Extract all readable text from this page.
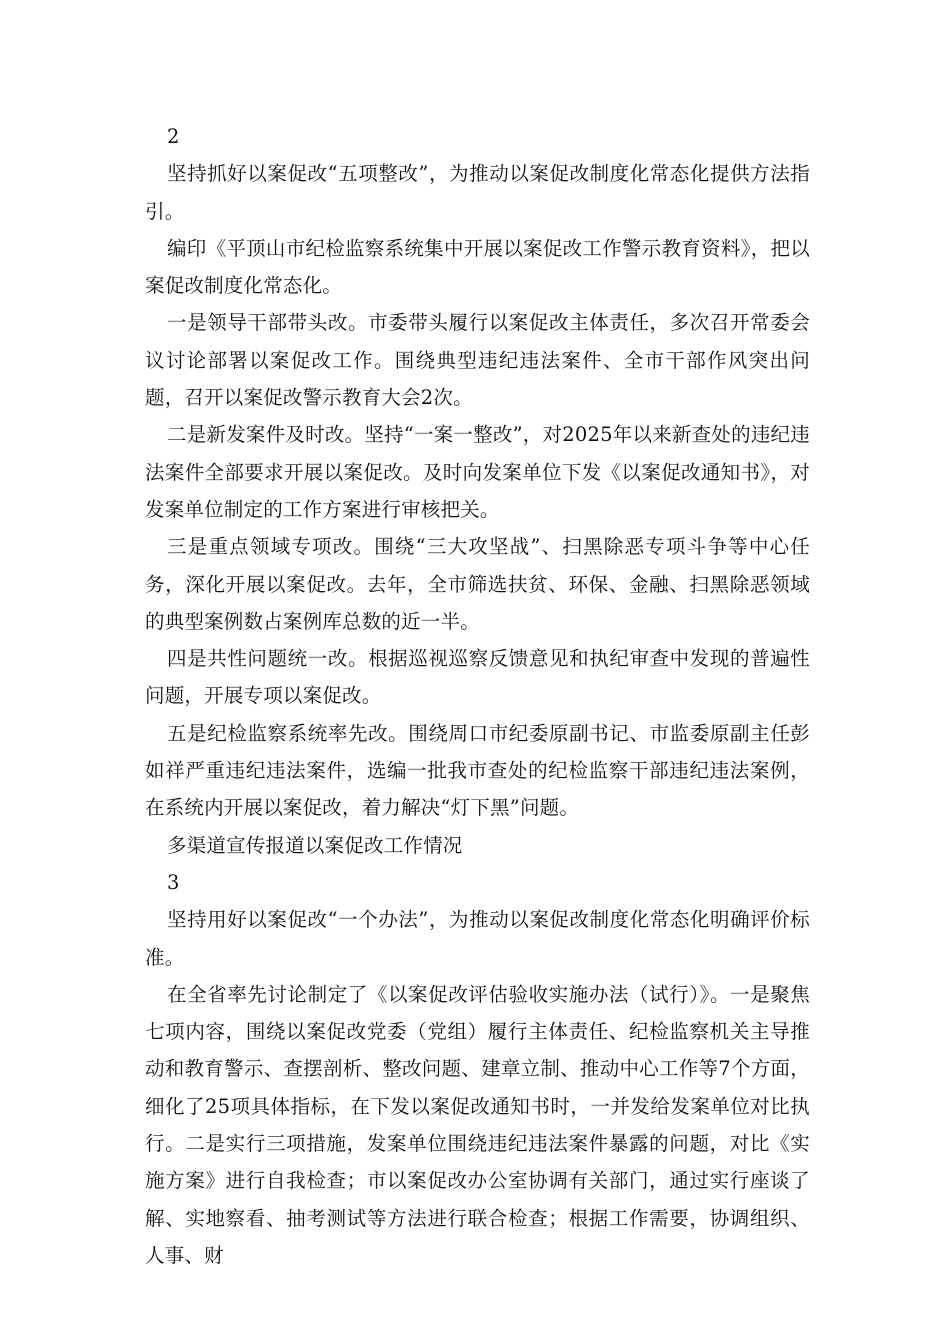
2

坚持抓好以案促改“五项整改”，为推动以案促改制度化常态化提供方法指引。

编印《平顶山市纪检监察系统集中开展以案促改工作警示教育资料》，把以案促改制度化常态化。

一是领导干部带头改。市委带头履行以案促改主体责任，多次召开常委会议讨论部署以案促改工作。围绕典型违纪违法案件、全市干部作风突出问题，召开以案促改警示教育大会2次。

二是新发案件及时改。坚持“一案一整改”，对2025年以来新查处的违纪违法案件全部要求开展以案促改。及时向发案单位下发《以案促改通知书》，对发案单位制定的工作方案进行审核把关。

三是重点领域专项改。围绕“三大攻坚战”、扫黑除恶专项斗争等中心任务，深化开展以案促改。去年，全市筛选扶贫、环保、金融、扫黑除恶领域的典型案例数占案例库总数的近一半。

四是共性问题统一改。根据巡视巡察反馈意见和执纪审查中发现的普遍性问题，开展专项以案促改。

五是纪检监察系统率先改。围绕周口市纪委原副书记、市监委原副主任彭如祥严重违纪违法案件，选编一批我市查处的纪检监察干部违纪违法案例，在系统内开展以案促改，着力解决“灯下黑”问题。

多渠道宣传报道以案促改工作情况

3

坚持用好以案促改“一个办法”，为推动以案促改制度化常态化明确评价标准。

在全省率先讨论制定了《以案促改评估验收实施办法（试行）》。一是聚焦七项内容，围绕以案促改党委（党组）履行主体责任、纪检监察机关主导推动和教育警示、查摆剖析、整改问题、建章立制、推动中心工作等7个方面，细化了25项具体指标，在下发以案促改通知书时，一并发给发案单位对比执行。二是实行三项措施，发案单位围绕违纪违法案件暴露的问题，对比《实施方案》进行自我检查；市以案促改办公室协调有关部门，通过实行座谈了解、实地察看、抽考测试等方法进行联合检查；根据工作需要，协调组织、人事、财
